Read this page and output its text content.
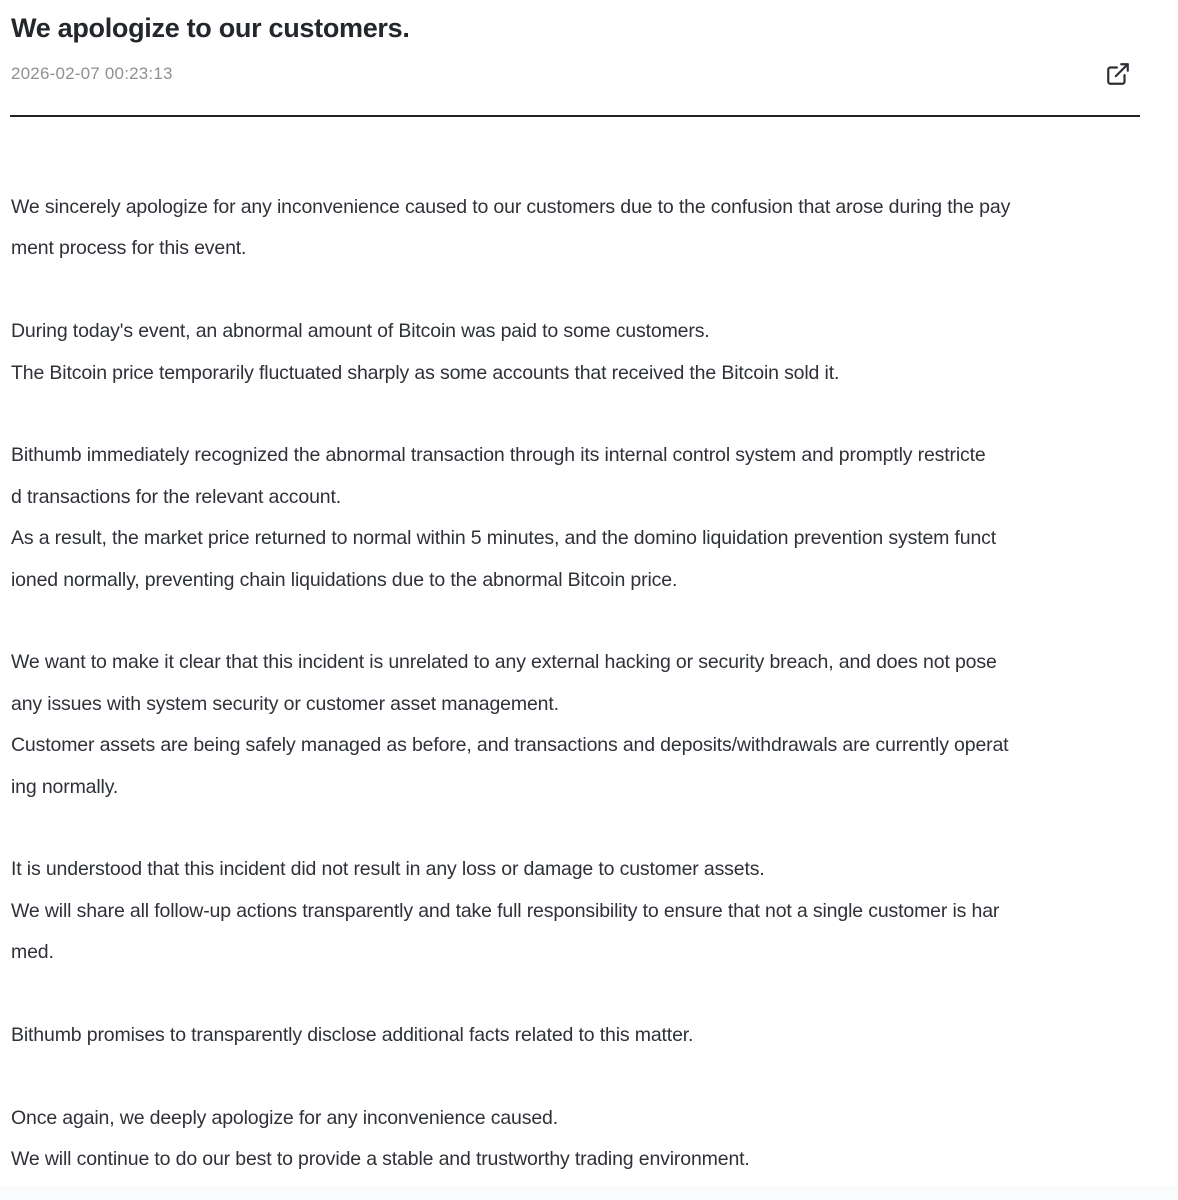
We apologize to our customers.
2026-02-07 00:23:13

We sincerely apologize for any inconvenience caused to our customers due to the confusion that arose during the pay

ment process for this event.

During today's event, an abnormal amount of Bitcoin was paid to some customers.

The Bitcoin price temporarily fluctuated sharply as some accounts that received the Bitcoin sold it.

Bithumb immediately recognized the abnormal transaction through its internal control system and promptly restricte

d transactions for the relevant account.

As a result, the market price returned to normal within 5 minutes, and the domino liquidation prevention system funct

ioned normally, preventing chain liquidations due to the abnormal Bitcoin price.

We want to make it clear that this incident is unrelated to any external hacking or security breach, and does not pose

any issues with system security or customer asset management.

Customer assets are being safely managed as before, and transactions and deposits/withdrawals are currently operat

ing normally.

It is understood that this incident did not result in any loss or damage to customer assets.

We will share all follow-up actions transparently and take full responsibility to ensure that not a single customer is har

med.

Bithumb promises to transparently disclose additional facts related to this matter.

Once again, we deeply apologize for any inconvenience caused.

We will continue to do our best to provide a stable and trustworthy trading environment.
